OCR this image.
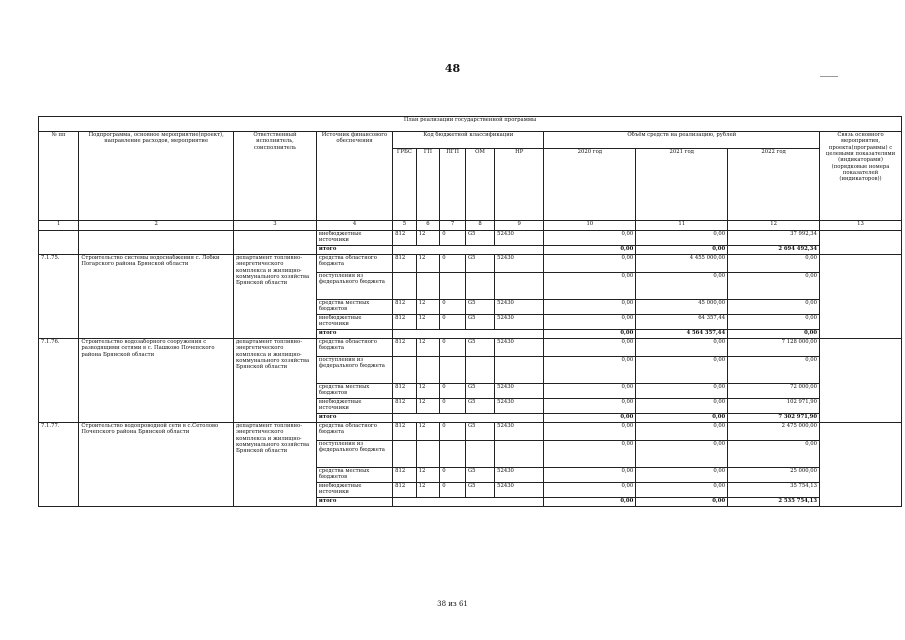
48
План реализации государственной программы												
№ пп	Подпрограмма, основное мероприятие(проект), направление расходов, мероприятие	Ответственный исполнитель, соисполнитель	Источник финансового обеспечения	Код бюджетной классификации					Объём средств на реализацию, рублей			Связь основного мероприятия, проекта(программы) с целевыми показателями (индикаторами) (порядковые номера показателей (индикаторов))
				ГРБС	ГП	ПГП	ОМ	НР	2020 год	2021 год	2022 год	
1	2	3	4	5	6	7	8	9	10	11	12	13
			внебюджетные источники	812	12	0	G5	52430	0,00	0,00	37 992,34	
			итого						0,00	0,00	2 694 492,34	
7.1.75.	Строительство системы водоснабжения с. Лобки Погарского района Брянской области	департамент топливно-энергетического комплекса и жилищно-коммунального хозяйства Брянской области	средства областного бюджета	812	12	0	G5	52430	0,00	4 455 000,00	0,00	
			поступления из федерального бюджета						0,00	0,00	0,00	
			средства местных бюджетов	812	12	0	G5	52430	0,00	45 000,00	0,00	
			внебюджетные источники	812	12	0	G5	52430	0,00	64 357,44	0,00	
			итого						0,00	4 564 357,44	0,00	
7.1.76.	Строительство водозаборного сооружения с разводящими сетями в с. Пашково Почепского района Брянской области	департамент топливно-энергетического комплекса и жилищно-коммунального хозяйства Брянской области	средства областного бюджета	812	12	0	G5	52430	0,00	0,00	7 128 000,00	
			поступления из федерального бюджета						0,00	0,00	0,00	
			средства местных бюджетов	812	12	0	G5	52430	0,00	0,00	72 000,00	
			внебюджетные источники	812	12	0	G5	52430	0,00	0,00	102 971,90	
			итого						0,00	0,00	7 302 971,90	
7.1.77.	Строительство водопроводной сети в с.Сетолово Почепского района Брянской области	департамент топливно-энергетического комплекса и жилищно-коммунального хозяйства Брянской области	средства областного бюджета	812	12	0	G5	52430	0,00	0,00	2 475 000,00	
			поступления из федерального бюджета						0,00	0,00	0,00	
			средства местных бюджетов	812	12	0	G5	52430	0,00	0,00	25 000,00	
			внебюджетные источники	812	12	0	G5	52430	0,00	0,00	35 754,13	
			итого						0,00	0,00	2 535 754,13	
38 из 61
